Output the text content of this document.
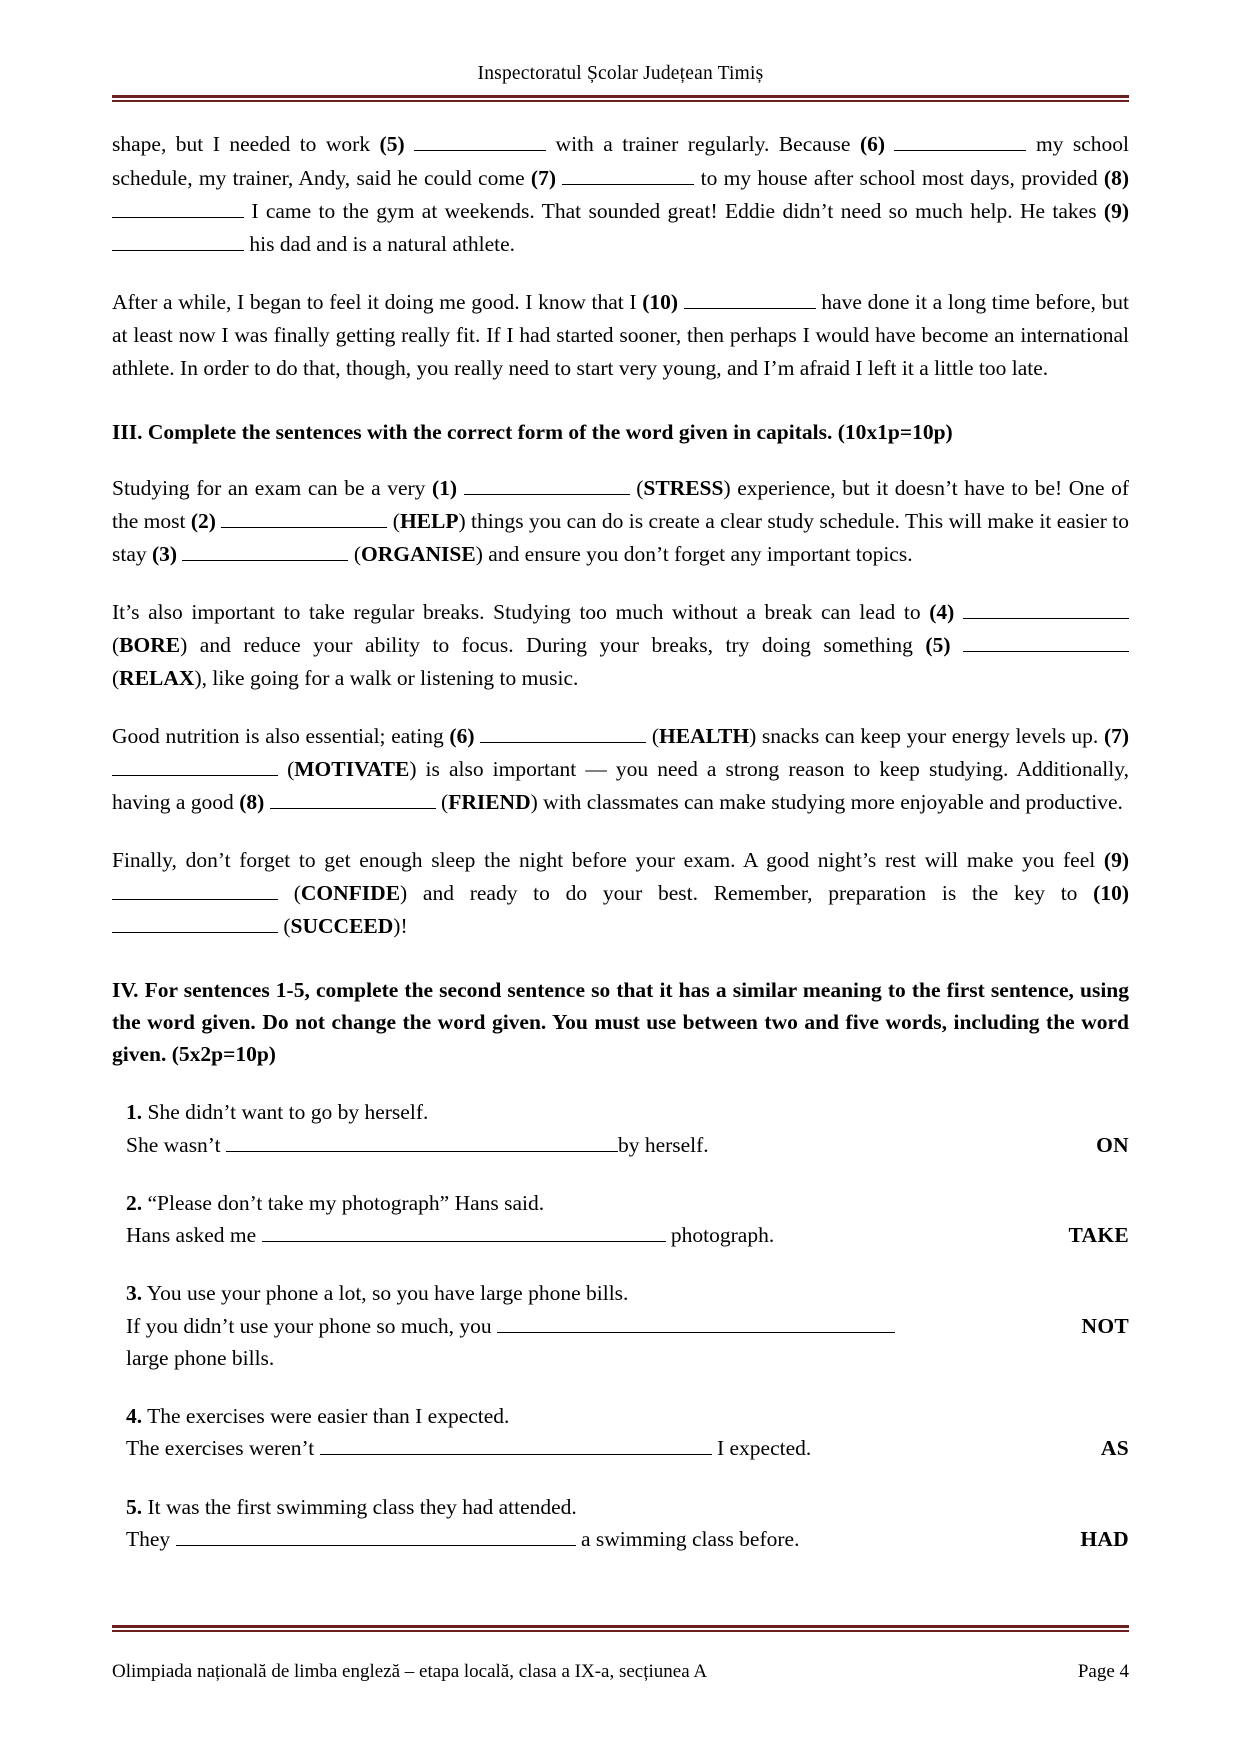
Inspectoratul Școlar Județean Timiș

shape, but I needed to work (5)	with a trainer regularly. Because (6)	my school schedule, my trainer, Andy, said he could come (7)	to my house after school most days, provided (8)  I came to the gym at weekends. That sounded great! Eddie didn’t need so much help. He takes (9)  his dad and is a natural athlete.

After a while, I began to feel it doing me good. I know that I (10)	have done it a long time before, but at least now I was finally getting really fit. If I had started sooner, then perhaps I would have become an international athlete. In order to do that, though, you really need to start very young, and I’m afraid I left it a little too late.

III. Complete the sentences with the correct form of the word given in capitals. (10x1p=10p)

Studying for an exam can be a very (1)	(STRESS) experience, but it doesn’t have to be! One of the most (2)	(HELP) things you can do is create a clear study schedule. This will make it easier to stay (3)	(ORGANISE) and ensure you don’t forget any important topics.

It’s also important to take regular breaks. Studying too much without a break can lead to (4)  (BORE) and reduce your ability to focus. During your breaks, try doing something (5)  (RELAX), like going for a walk or listening to music.

Good nutrition is also essential; eating (6)	(HEALTH) snacks can keep your energy levels up. (7)  (MOTIVATE) is also important — you need a strong reason to keep studying. Additionally, having a good (8)	(FRIEND) with classmates can make studying more enjoyable and productive.

Finally, don’t forget to get enough sleep the night before your exam. A good night’s rest will make you feel (9)  (CONFIDE) and ready to do your best. Remember, preparation is the key to (10)  (SUCCEED)!

IV. For sentences 1-5, complete the second sentence so that it has a similar meaning to the first sentence, using the word given. Do not change the word given. You must use between two and five words, including the word given. (5x2p=10p)
1. She didn’t want to go by herself.
She wasn’t	by herself.	ON
2. “Please don’t take my photograph” Hans said.
Hans asked me	photograph.	TAKE
3. You use your phone a lot, so you have large phone bills.
If you didn’t use your phone so much, you	NOT
large phone bills.
4. The exercises were easier than I expected.
The exercises weren’t	I expected.	AS
5. It was the first swimming class they had attended.
They	a swimming class before.	HAD
Olimpiada națională de limba engleză – etapa locală, clasa a IX-a, secțiunea A	Page 4
